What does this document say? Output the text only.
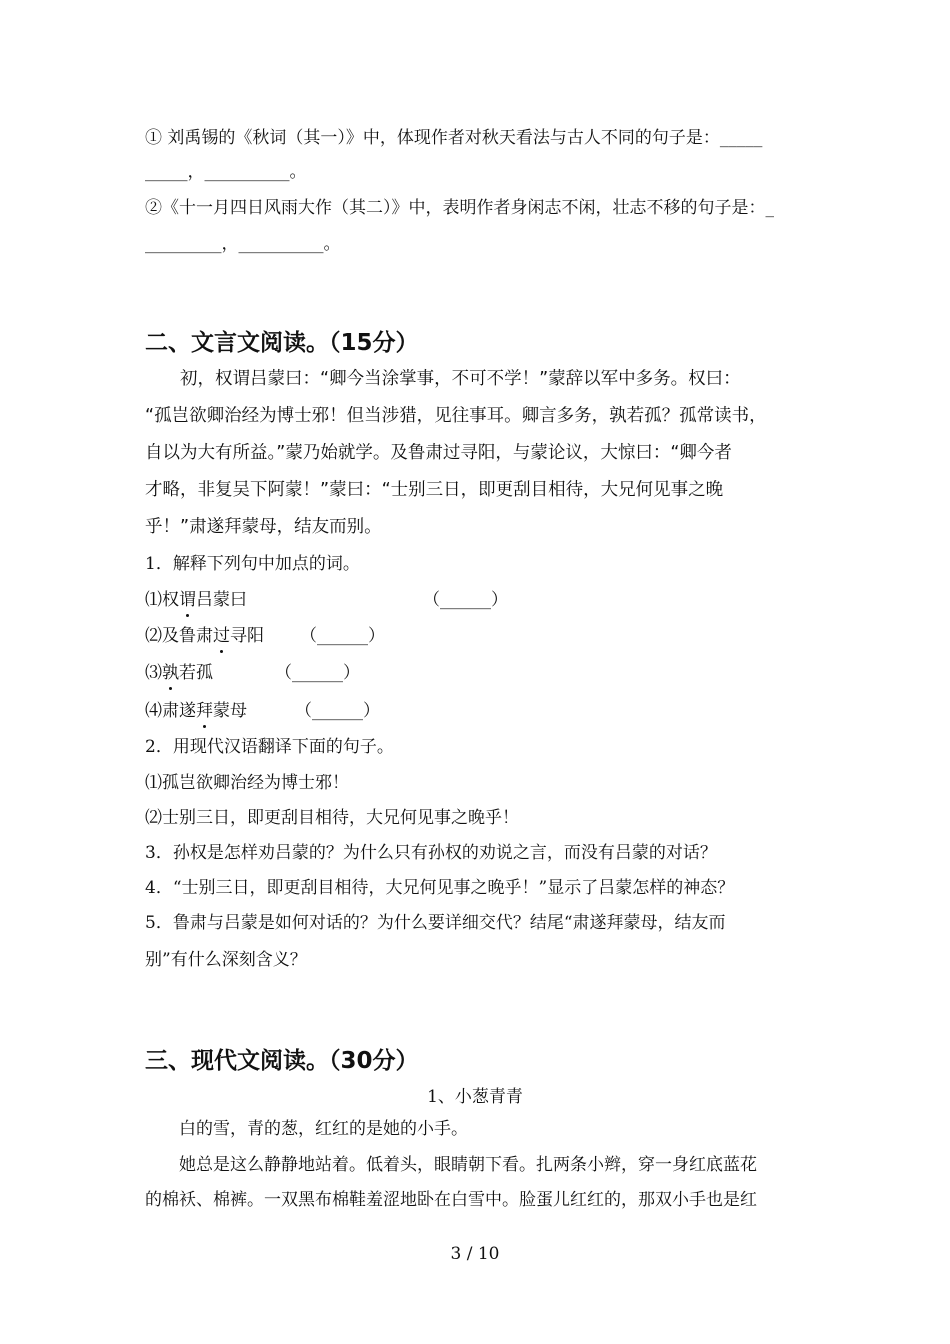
① 刘禹锡的《秋词（其一）》中，体现作者对秋天看法与古人不同的句子是：_____
_____，__________。
②《十一月四日风雨大作（其二）》中，表明作者身闲志不闲，壮志不移的句子是：_
_________，__________。
二、文言文阅读。（15分）
　　初，权谓吕蒙曰：“卿今当涂掌事，不可不学！”蒙辞以军中多务。权曰：
“孤岂欲卿治经为博士邪！但当涉猎，见往事耳。卿言多务，孰若孤？孤常读书，
自以为大有所益。”蒙乃始就学。及鲁肃过寻阳，与蒙论议，大惊曰：“卿今者
才略，非复吴下阿蒙！”蒙曰：“士别三日，即更刮目相待，大兄何见事之晚
乎！”肃遂拜蒙母，结友而别。
1．解释下列句中加点的词。
⑴权谓吕蒙曰	（______）
⑵及鲁肃过寻阳 （______）
⑶孰若孤	（______）
⑷肃遂拜蒙母	（______）
2．用现代汉语翻译下面的句子。
⑴孤岂欲卿治经为博士邪！
⑵士别三日，即更刮目相待，大兄何见事之晚乎！
3．孙权是怎样劝吕蒙的？为什么只有孙权的劝说之言，而没有吕蒙的对话？
4．“士别三日，即更刮目相待，大兄何见事之晚乎！”显示了吕蒙怎样的神态？
5．鲁肃与吕蒙是如何对话的？为什么要详细交代？结尾“肃遂拜蒙母，结友而
别”有什么深刻含义？
三、现代文阅读。（30分）
1、小葱青青
　　白的雪，青的葱，红红的是她的小手。
　　她总是这么静静地站着。低着头，眼睛朝下看。扎两条小辫，穿一身红底蓝花
的棉袄、棉裤。一双黑布棉鞋羞涩地卧在白雪中。脸蛋儿红红的，那双小手也是红
3 / 10
